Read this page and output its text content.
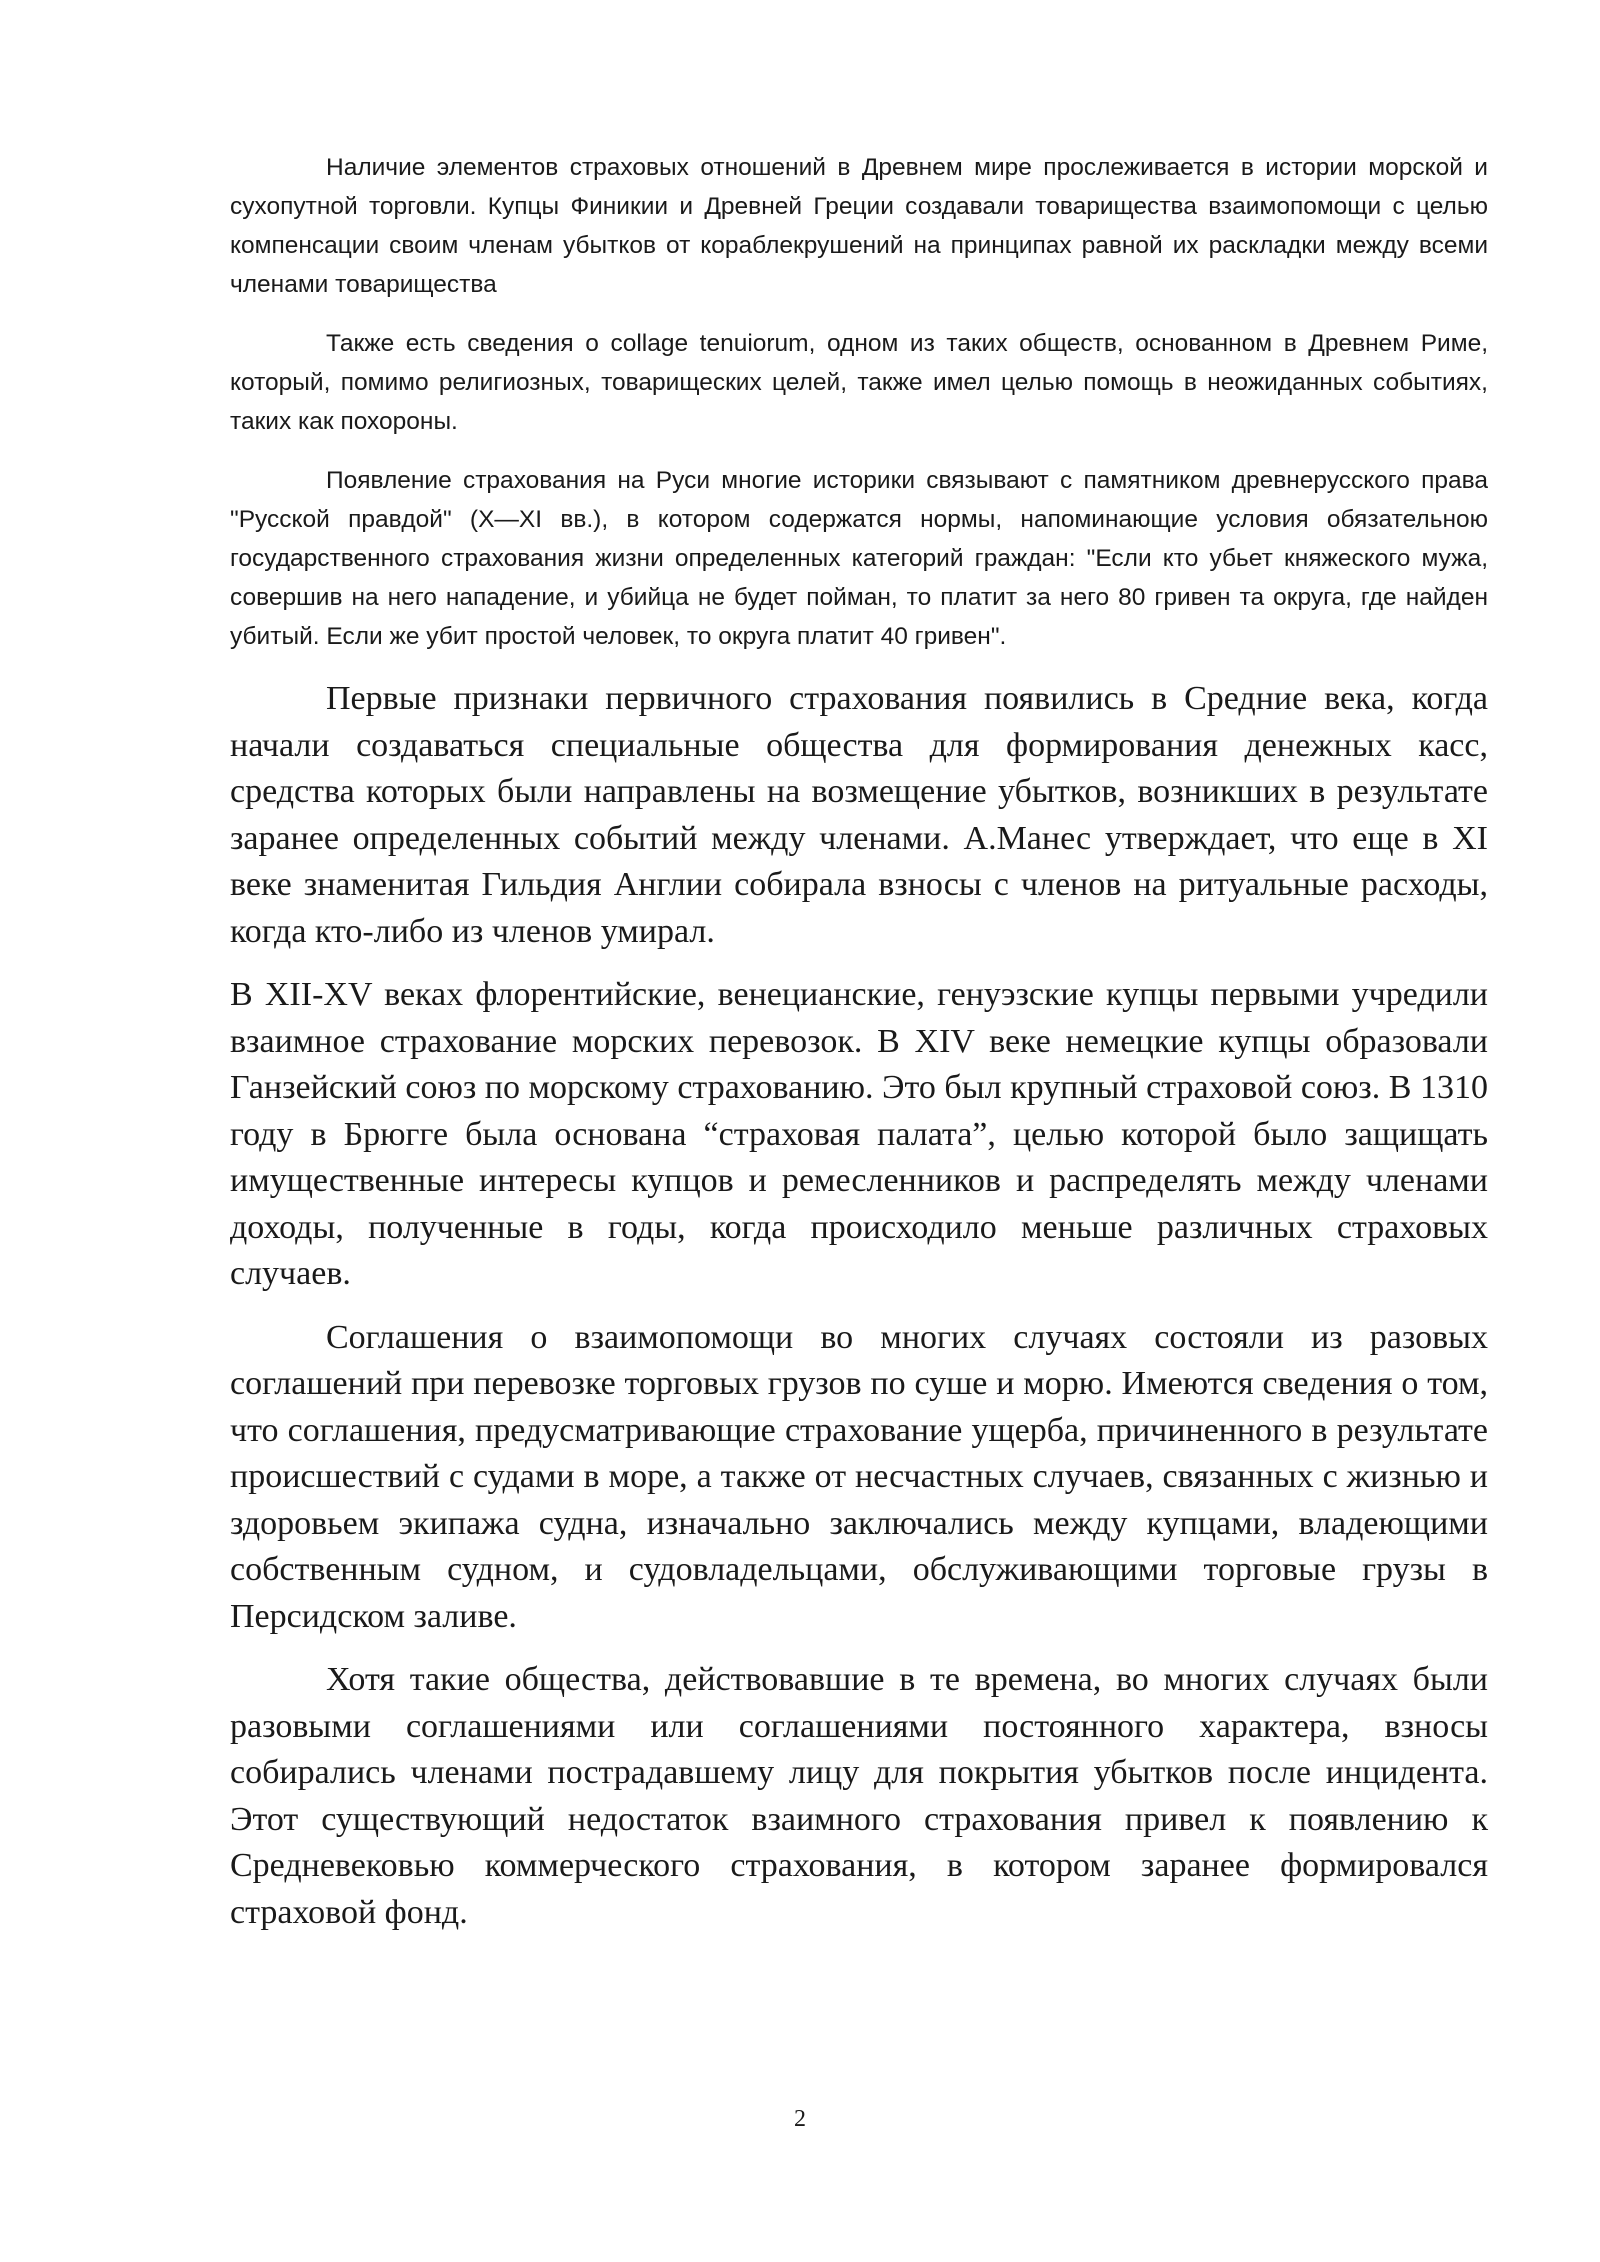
Наличие элементов страховых отношений в Древнем мире прослеживается в истории морской и сухопутной торговли. Купцы Финикии и Древней Греции создавали товарищества взаимопомощи с целью компенсации своим членам убытков от кораблекрушений на принципах равной их раскладки между всеми членами товарищества

Также есть сведения о collage tenuiorum, одном из таких обществ, основанном в Древнем Риме, который, помимо религиозных, товарищеских целей, также имел целью помощь в неожиданных событиях, таких как похороны.

Появление страхования на Руси многие историки связывают с памятником древнерусского права "Русской правдой" (X—XI вв.), в котором содержатся нормы, напоминающие условия обязательною государственного страхования жизни определенных категорий граждан: "Если кто убьет княжеского мужа, совершив на него нападение, и убийца не будет пойман, то платит за него 80 гривен та округа, где найден убитый. Если же убит простой человек, то округа платит 40 гривен".

Первые признаки первичного страхования появились в Средние века, когда начали создаваться специальные общества для формирования денежных касс, средства которых были направлены на возмещение убытков, возникших в результате заранее определенных событий между членами. А.Манес утверждает, что еще в XI веке знаменитая Гильдия Англии собирала взносы с членов на ритуальные расходы, когда кто-либо из членов умирал.

В XII-XV веках флорентийские, венецианские, генуэзские купцы первыми учредили взаимное страхование морских перевозок. В XIV веке немецкие купцы образовали Ганзейский союз по морскому страхованию. Это был крупный страховой союз. В 1310 году в Брюгге была основана “страховая палата”, целью которой было защищать имущественные интересы купцов и ремесленников и распределять между членами доходы, полученные в годы, когда происходило меньше различных страховых случаев.

Соглашения о взаимопомощи во многих случаях состояли из разовых соглашений при перевозке торговых грузов по суше и морю. Имеются сведения о том, что соглашения, предусматривающие страхование ущерба, причиненного в результате происшествий с судами в море, а также от несчастных случаев, связанных с жизнью и здоровьем экипажа судна, изначально заключались между купцами, владеющими собственным судном, и судовладельцами, обслуживающими торговые грузы в Персидском заливе.

Хотя такие общества, действовавшие в те времена, во многих случаях были разовыми соглашениями или соглашениями постоянного характера, взносы собирались членами пострадавшему лицу для покрытия убытков после инцидента. Этот существующий недостаток взаимного страхования привел к появлению к Средневековью коммерческого страхования, в котором заранее формировался страховой фонд.

2
